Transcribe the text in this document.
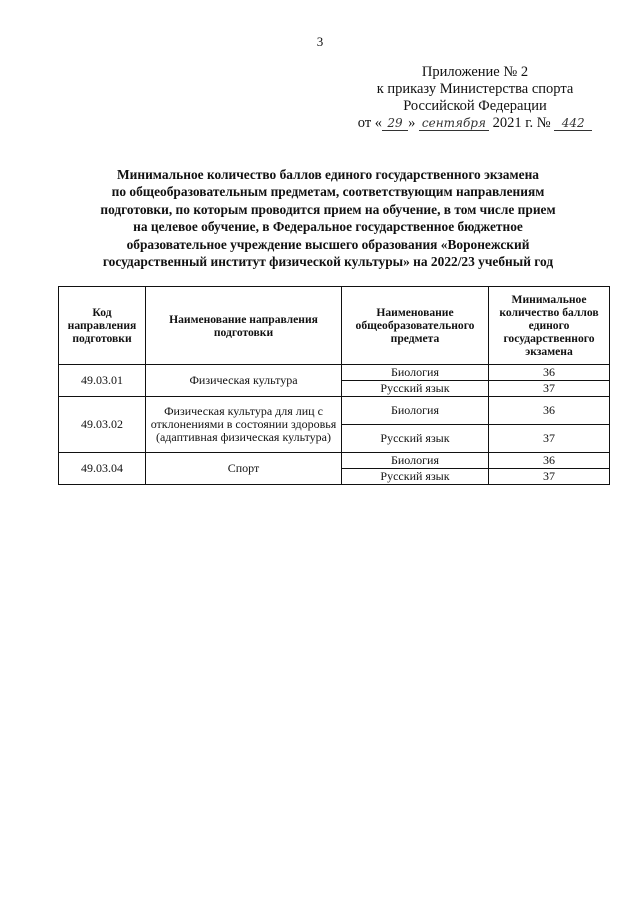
3
Приложение № 2
к приказу Министерства спорта
Российской Федерации
от « 29 » сентября 2021 г. № 442
Минимальное количество баллов единого государственного экзамена
по общеобразовательным предметам, соответствующим направлениям
подготовки, по которым проводится прием на обучение, в том числе прием
на целевое обучение, в Федеральное государственное бюджетное
образовательное учреждение высшего образования «Воронежский
государственный институт физической культуры» на 2022/23 учебный год
Код направления подготовки	Наименование направления подготовки	Наименование общеобразовательного предмета	Минимальное количество баллов единого государственного экзамена
49.03.01	Физическая культура	Биология	36
		Русский язык	37
49.03.02	Физическая культура для лиц с отклонениями в состоянии здоровья (адаптивная физическая культура)	Биология	36
		Русский язык	37
49.03.04	Спорт	Биология	36
		Русский язык	37
